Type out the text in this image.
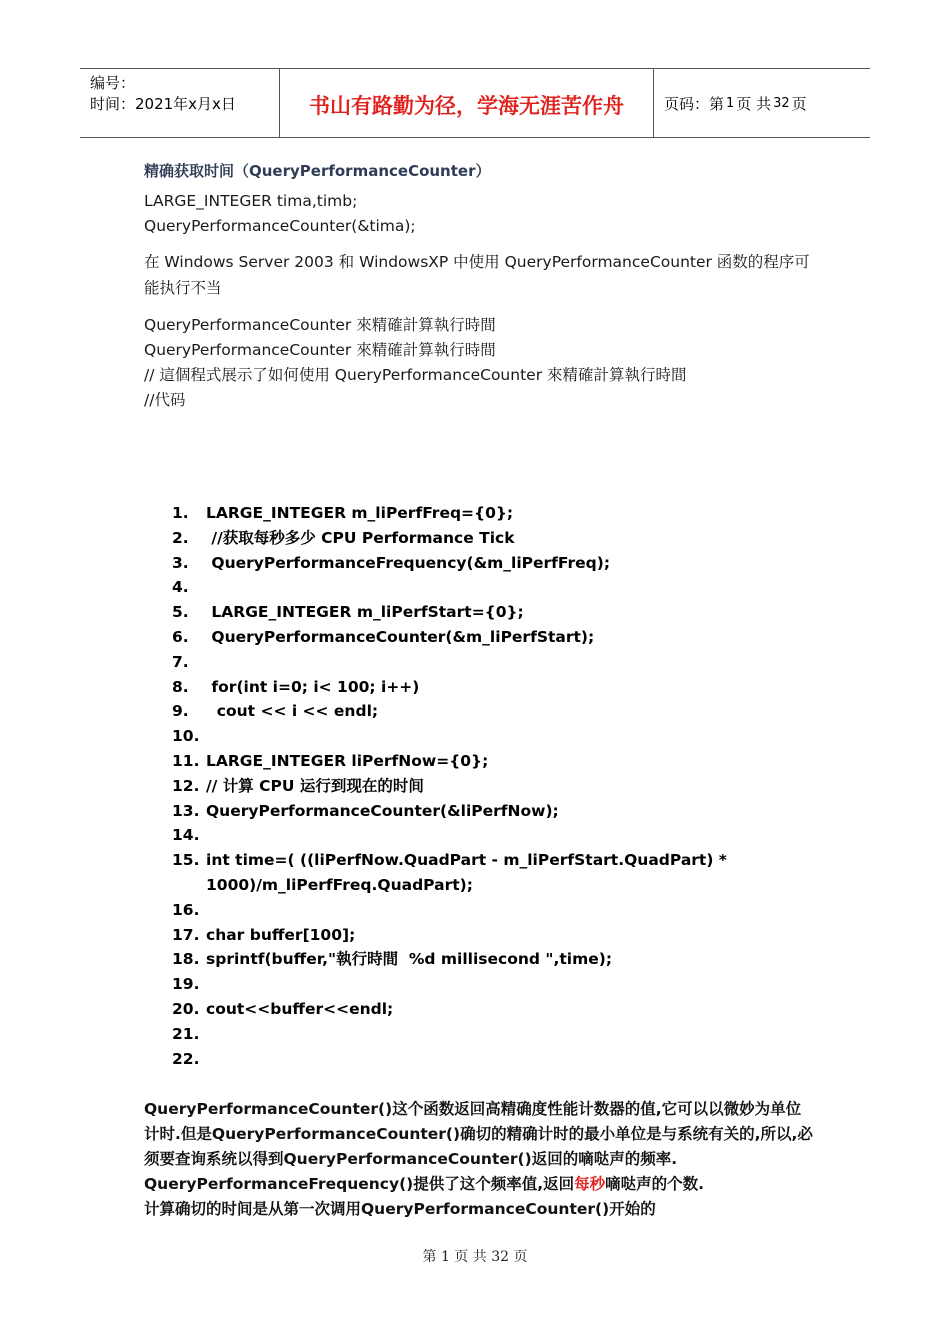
编号：
时间：2021年x月x日	书山有路勤为径，学海无涯苦作舟	页码：第 1 页 共 32 页
精确获取时间（QueryPerformanceCounter）

LARGE_INTEGER tima,timb;

QueryPerformanceCounter(&tima);

在 Windows Server 2003 和 WindowsXP 中使用 QueryPerformanceCounter 函数的程序可能执行不当

QueryPerformanceCounter 來精確計算執行時間

QueryPerformanceCounter 來精確計算執行時間

// 這個程式展示了如何使用 QueryPerformanceCounter 來精確計算執行時間

//代码

1.	LARGE_INTEGER m_liPerfFreq={0};
2.	//获取每秒多少 CPU Performance Tick
3.	QueryPerformanceFrequency(&m_liPerfFreq);
4.
5.	LARGE_INTEGER m_liPerfStart={0};
6.	QueryPerformanceCounter(&m_liPerfStart);
7.
8.	for(int i=0; i< 100; i++)
9.	cout << i << endl;
10.
11. LARGE_INTEGER liPerfNow={0};
12. // 计算 CPU 运行到现在的时间
13. QueryPerformanceCounter(&liPerfNow);
14.
15. int time=( ((liPerfNow.QuadPart - m_liPerfStart.QuadPart) * 1000)/m_liPerfFreq.QuadPart);
16.
17. char buffer[100];
18. sprintf(buffer,"執行時間  %d millisecond ",time);
19.
20. cout<<buffer<<endl;
21.
22.
QueryPerformanceCounter()这个函数返回高精确度性能计数器的值,它可以以微妙为单位计时.但是QueryPerformanceCounter()确切的精确计时的最小单位是与系统有关的,所以,必须要查询系统以得到QueryPerformanceCounter()返回的嘀哒声的频率.
QueryPerformanceFrequency()提供了这个频率值,返回每秒嘀哒声的个数.
计算确切的时间是从第一次调用QueryPerformanceCounter()开始的
第 1 页 共 32 页
